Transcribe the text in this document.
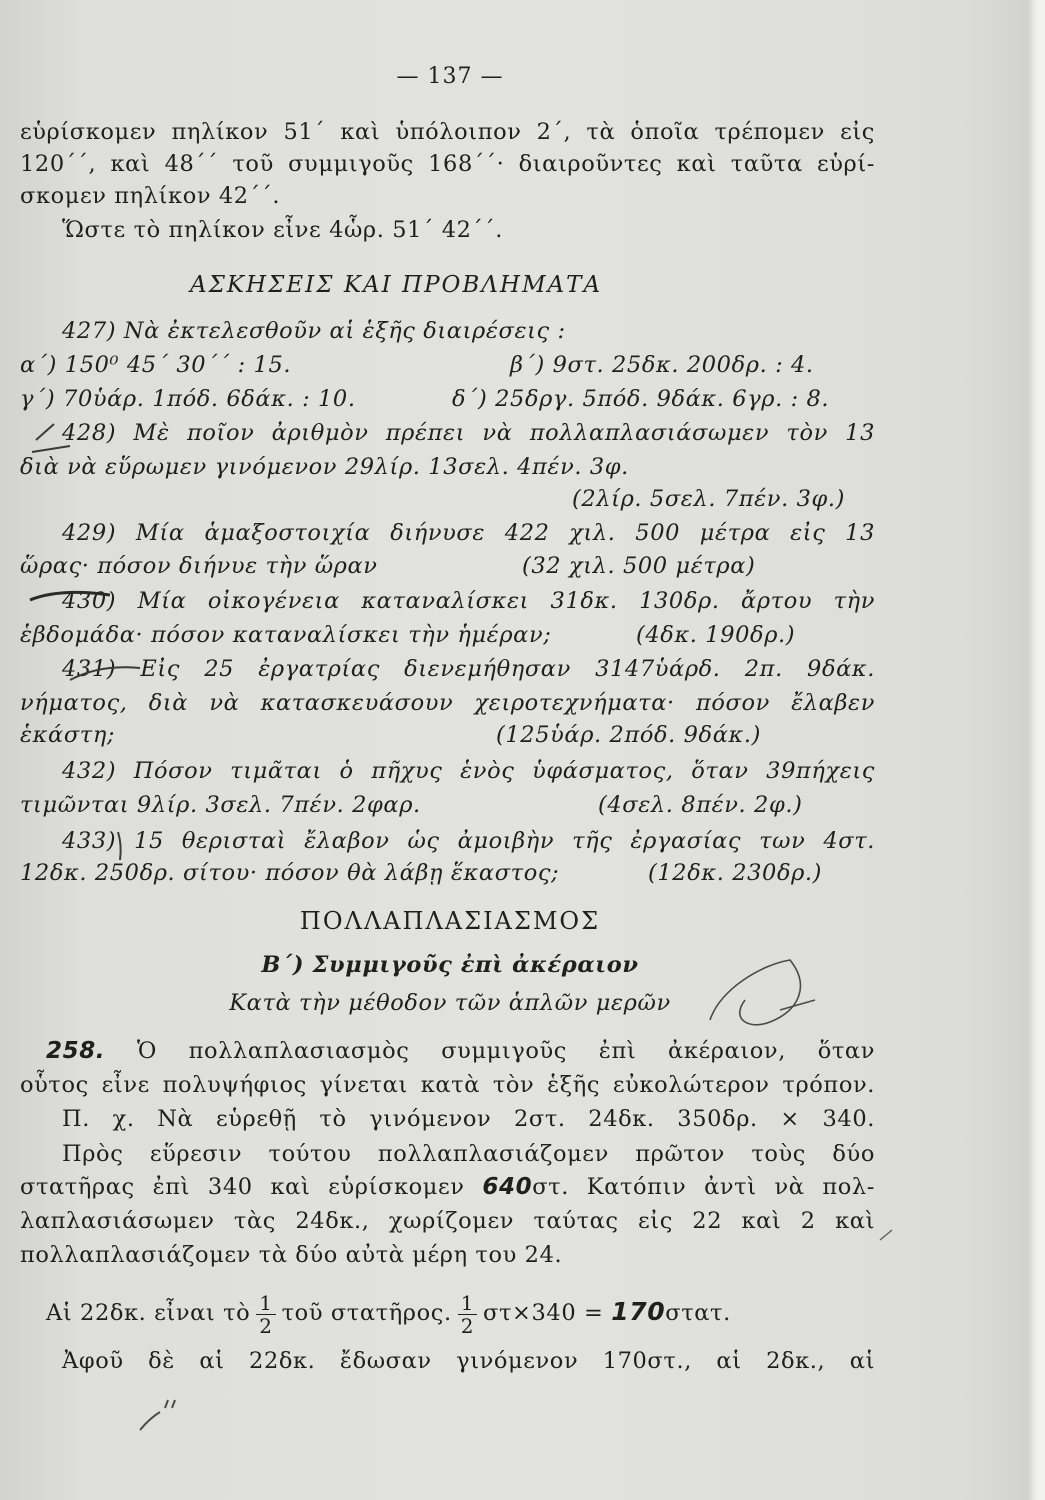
— 137 —
εὑρίσκομεν πηλίκον 51΄ καὶ ὑπόλοιπον 2΄, τὰ ὁποῖα τρέπομεν εἰς
120΄΄, καὶ 48΄΄ τοῦ συμμιγοῦς 168΄΄· διαιροῦντες καὶ ταῦτα εὑρί-
σκομεν πηλίκον 42΄΄.
Ὥστε τὸ πηλίκον εἶνε 4ὧρ. 51΄ 42΄΄.
ΑΣΚΗΣΕΙΣ ΚΑΙ ΠΡΟΒΛΗΜΑΤΑ
427) Νὰ ἐκτελεσθοῦν αἱ ἑξῆς διαιρέσεις :
α΄) 150⁰ 45΄ 30΄΄ : 15.	β΄) 9στ. 25δκ. 200δρ. : 4.
γ΄) 70ὑάρ. 1πόδ. 6δάκ. : 10.	δ΄) 25δργ. 5πόδ. 9δάκ. 6γρ. : 8.
428) Μὲ ποῖον ἀριθμὸν πρέπει νὰ πολλαπλασιάσωμεν τὸν 13
διὰ νὰ εὕρωμεν γινόμενον 29λίρ. 13σελ. 4πέν. 3φ.
(2λίρ. 5σελ. 7πέν. 3φ.)
429) Μία ἁμαξοστοιχία διήνυσε 422 χιλ. 500 μέτρα εἰς 13
ὥρας· πόσον διήνυε τὴν ὥραν	(32 χιλ. 500 μέτρα)
430) Μία οἰκογένεια καταναλίσκει 31δκ. 130δρ. ἄρτου τὴν
ἑβδομάδα· πόσον καταναλίσκει τὴν ἡμέραν;	(4δκ. 190δρ.)
431) Εἰς 25 ἐργατρίας διενεμήθησαν 3147ὑάρδ. 2π. 9δάκ.
νήματος, διὰ νὰ κατασκευάσουν χειροτεχνήματα· πόσον ἔλαβεν
ἑκάστη;	(125ὑάρ. 2πόδ. 9δάκ.)
432) Πόσον τιμᾶται ὁ πῆχυς ἑνὸς ὑφάσματος, ὅταν 39πήχεις
τιμῶνται 9λίρ. 3σελ. 7πέν. 2φαρ.	(4σελ. 8πέν. 2φ.)
433) 15 θερισταὶ ἔλαβον ὡς ἀμοιβὴν τῆς ἐργασίας των 4στ.
12δκ. 250δρ. σίτου· πόσον θὰ λάβῃ ἕκαστος;	(12δκ. 230δρ.)
ΠΟΛΛΑΠΛΑΣΙΑΣΜΟΣ
Β΄) Συμμιγοῦς ἐπὶ ἀκέραιον
Κατὰ τὴν μέθοδον τῶν ἁπλῶν μερῶν
258. Ὁ πολλαπλασιασμὸς συμμιγοῦς ἐπὶ ἀκέραιον, ὅταν
οὗτος εἶνε πολυψήφιος γίνεται κατὰ τὸν ἑξῆς εὐκολώτερον τρόπον.
Π. χ. Νὰ εὑρεθῇ τὸ γινόμενον 2στ. 24δκ. 350δρ. × 340.
Πρὸς εὕρεσιν τούτου πολλαπλασιάζομεν πρῶτον τοὺς δύο
στατῆρας ἐπὶ 340 καὶ εὑρίσκομεν 640στ. Κατόπιν ἀντὶ νὰ πολ-
λαπλασιάσωμεν τὰς 24δκ., χωρίζομεν ταύτας εἰς 22 καὶ 2 καὶ
πολλαπλασιάζομεν τὰ δύο αὐτὰ μέρη του 24.
Αἱ 22δκ. εἶναι τὸ $\frac{1}{2}$ τοῦ στατῆρος. $\frac{1}{2} \sigma\tau\times 340 = 170\sigma\tau\alpha\tau$.
Ἀφοῦ δὲ αἱ 22δκ. ἔδωσαν γινόμενον 170στ., αἱ 2δκ., αἱ
